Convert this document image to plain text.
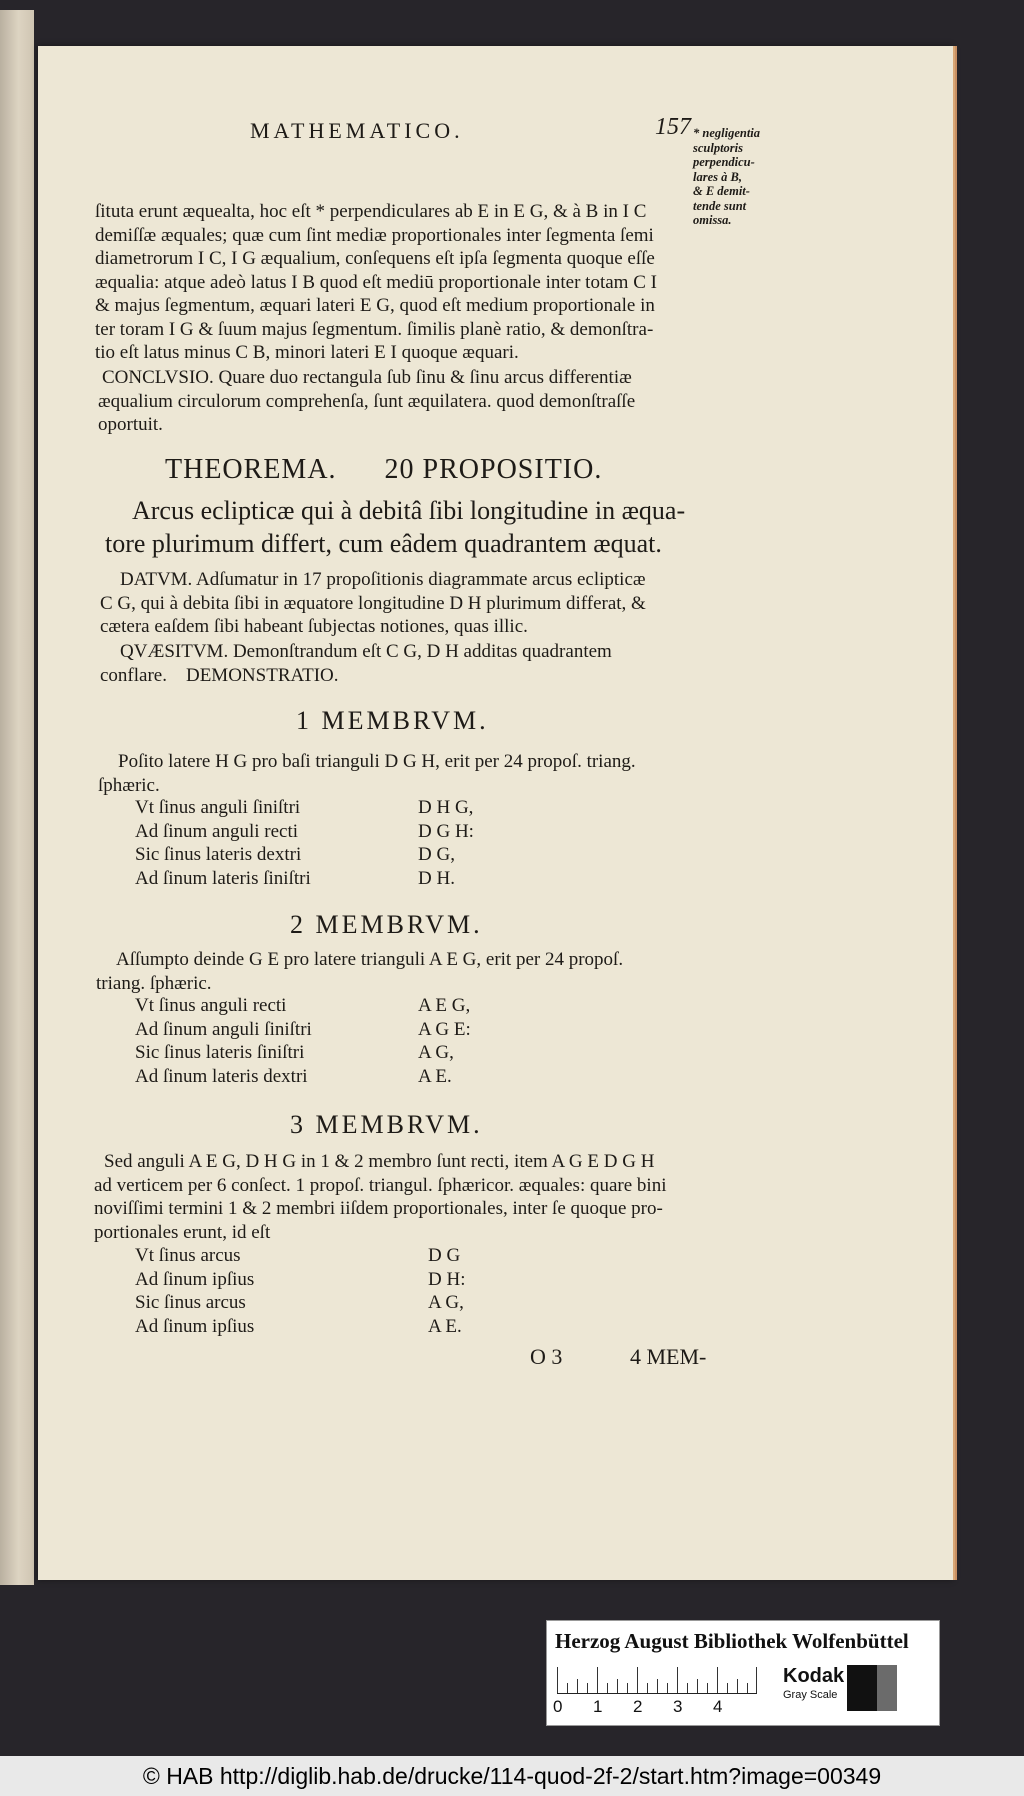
MATHEMATICO.	157 * negligentia
sculptoris
perpendicu-
lares à B,
& E demit-
tende sunt
omissa.
ſituta erunt æquealta, hoc eſt * perpendiculares ab E in E G, & à B in I C
demiſſæ æquales; quæ cum ſint mediæ proportionales inter ſegmenta ſemi
diametrorum I C, I G æqualium, conſequens eſt ipſa ſegmenta quoque eſſe
æqualia: atque adeò latus I B quod eſt mediū proportionale inter totam C I
& majus ſegmentum, æquari lateri E G, quod eſt medium proportionale in
ter toram I G & ſuum majus ſegmentum. ſimilis planè ratio, & demonſtra-
tio eſt latus minus C B, minori lateri E I quoque æquari.
CONCLVSIO. Quare duo rectangula ſub ſinu & ſinu arcus differentiæ
æqualium circulorum comprehenſa, ſunt æquilatera. quod demonſtraſſe
oportuit.
THEOREMA.      20 PROPOSITIO.
Arcus eclipticæ qui à debitâ ſibi longitudine in æqua-
tore plurimum differt, cum eâdem quadrantem æquat.
DATVM. Adſumatur in 17 propoſitionis diagrammate arcus eclipticæ
C G, qui à debita ſibi in æquatore longitudine D H plurimum differat, &
cætera eaſdem ſibi habeant ſubjectas notiones, quas illic.
QVÆSITVM. Demonſtrandum eſt C G, D H additas quadrantem
conflare.    DEMONSTRATIO.
1 MEMBRVM.
Poſito latere H G pro baſi trianguli D G H, erit per 24 propoſ. triang.
ſphæric.
Vt ſinus anguli ſiniſtri
Ad ſinum anguli recti
Sic ſinus lateris dextri
Ad ſinum lateris ſiniſtri
D H G,
D G H:
D G,
D H.
2 MEMBRVM.
Aſſumpto deinde G E pro latere trianguli A E G, erit per 24 propoſ.
triang. ſphæric.
Vt ſinus anguli recti
Ad ſinum anguli ſiniſtri
Sic ſinus lateris ſiniſtri
Ad ſinum lateris dextri
A E G,
A G E:
A G,
A E.
3 MEMBRVM.
Sed anguli A E G, D H G in 1 & 2 membro ſunt recti, item A G E D G H
ad verticem per 6 conſect. 1 propoſ. triangul. ſphæricor. æquales: quare bini
noviſſimi termini 1 & 2 membri iiſdem proportionales, inter ſe quoque pro-
portionales erunt, id eſt
Vt ſinus arcus
Ad ſinum ipſius
Sic ſinus arcus
Ad ſinum ipſius
D G
D H:
A G,
A E.
O 3	4 MEM-
Herzog August Bibliothek Wolfenbüttel
0 1 2 3 4
Kodak
Gray Scale
© HAB http://diglib.hab.de/drucke/114-quod-2f-2/start.htm?image=00349
